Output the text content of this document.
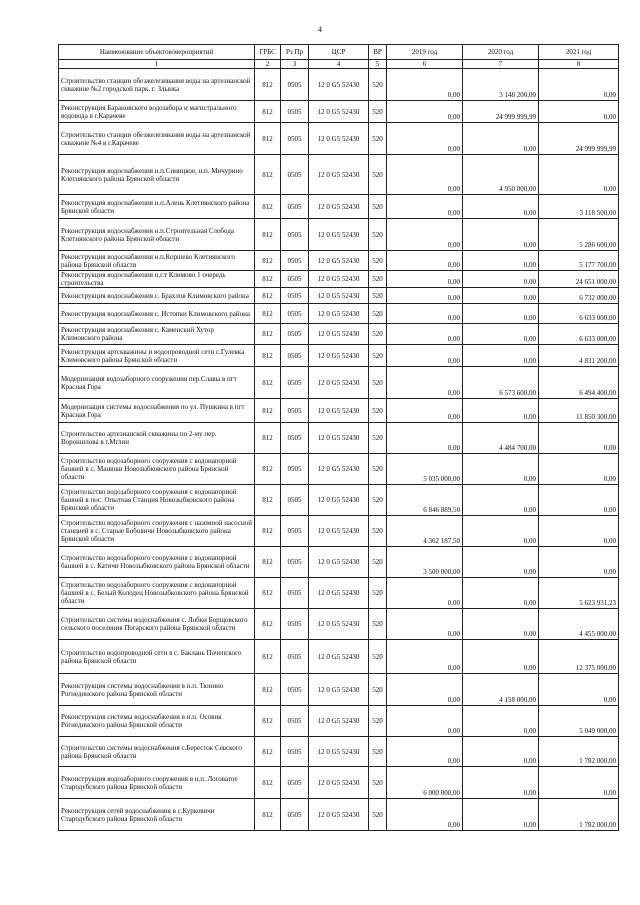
4
Наименование объектов/мероприятий	ГРБС	Рз Пр	ЦСР	ВР	2019 год	2020 год	2021 год
1	2	3	4	5	6	7	8
Строительство станции обезжелезивания воды на артезианской скважине №2 городской парк, г. Злынка	812	0505	12 0 G5 52430	520	0,00	3 148 200,00	0,00
Реконструкция Барановского водозабора и магистрального водовода в г.Карачеве	812	0505	12 0 G5 52430	520	0,00	24 999 999,99	0,00
Строительство станции обезжелезивания воды на артезианской скважине №4 в г.Карачеве	812	0505	12 0 G5 52430	520	0,00	0,00	24 999 999,99
Реконструкция водоснабжения н.п.Синицкое, н.п. Мичурино Клетнянского района Брянской области	812	0505	12 0 G5 52430	520	0,00	4 950 000,00	0,00
Реконструкция водоснабжения н.п.Алень Клетнянского района Брянской области	812	0505	12 0 G5 52430	520	0,00	0,00	3 118 500,00
Реконструкция водоснабжения н.п.Строительная Слобода Клетнянского района Брянской области	812	0505	12 0 G5 52430	520	0,00	0,00	5 286 600,00
Реконструкция водоснабжения н.п.Коршево Клетнянского района Брянской области	812	0505	12 0 G5 52430	520	0,00	0,00	5 177 700,00
Реконструкция водоснабжения п.г.т Климово 1 очередь строительства	812	0505	12 0 G5 52430	520	0,00	0,00	24 651 000,00
Реконструкция водоснабжения с. Брахлов Климовского района	812	0505	12 0 G5 52430	520	0,00	0,00	6 732 000,00
Реконструкция водоснабжения с. Истопки Климовского района	812	0505	12 0 G5 52430	520	0,00	0,00	6 633 000,00
Реконструкция водоснабжения с. Каменский Хутор Климовского района	812	0505	12 0 G5 52430	520	0,00	0,00	6 633 000,00
Реконструкция артскважины и водопроводной сети с.Гулевка Климовского района Брянской области	812	0505	12 0 G5 52430	520	0,00	0,00	4 831 200,00
Модернизация водозаборного сооружения пер.Славы в пгт Красная Гора	812	0505	12 0 G5 52430	520	0,00	6 573 600,00	6 494 400,00
Модернизация системы водоснабжения по ул. Пушкина в пгт Красная Гора	812	0505	12 0 G5 52430	520	0,00	0,00	11 850 300,00
Строительство артезианской скважины по 2-му пер. Ворошилова в г.Мглин	812	0505	12 0 G5 52430	520	0,00	4 484 700,00	0,00
Строительство водозаборного сооружения с водонапорной башней в с. Манюки Новозыбковского района Брянской области	812	0505	12 0 G5 52430	520	5 035 000,00	0,00	0,00
Строительство водозаборного сооружения с водонапорной башней в пос. Опытная Станция Новозыбковского района Брянской области	812	0505	12 0 G5 52430	520	6 846 889,50	0,00	0,00
Строительство водозаборного сооружения с наземной насосной станцией в с. Старые Бобовичи Новозыбковского района Брянской области	812	0505	12 0 G5 52430	520	4 362 187,50	0,00	0,00
Строительство водозаборного сооружения с водонапорной башней в с. Катичи Новозыбковского района Брянской области	812	0505	12 0 G5 52430	520	3 500 000,00	0,00	0,00
Строительство водозаборного сооружения с водонапорной башней в с. Белый Колодец Новозыбковского района Брянской области	812	0505	12 0 G5 52430	520	0,00	0,00	5 623 931,23
Строительство системы водоснабжения с. Лобки Борщовского сельского поселения Погарского района Брянской области	812	0505	12 0 G5 52430	520	0,00	0,00	4 455 000,00
Строительство водопроводной сети в с. Баклань Почепского района Брянской области	812	0505	12 0 G5 52430	520	0,00	0,00	12 375 000,00
Реконструкция системы водоснабжения в н.п. Тюнино Рогнединского района Брянской области	812	0505	12 0 G5 52430	520	0,00	4 158 000,00	0,00
Реконструкция системы водоснабжения в н.п. Осовик Рогнединского района Брянской области	812	0505	12 0 G5 52430	520	0,00	0,00	5 049 000,00
Строительство системы водоснабжения с.Бересток Севского района Брянской области	812	0505	12 0 G5 52430	520	0,00	0,00	1 782 000,00
Реконструкция водозаборного сооружения в н.п. Логоватое Стародубского района Брянской области	812	0505	12 0 G5 52430	520	6 000 000,00	0,00	0,00
Реконструкция сетей водоснабжения в с.Курковичи Стародубского района Брянской области	812	0505	12 0 G5 52430	520	0,00	0,00	1 782 000,00
